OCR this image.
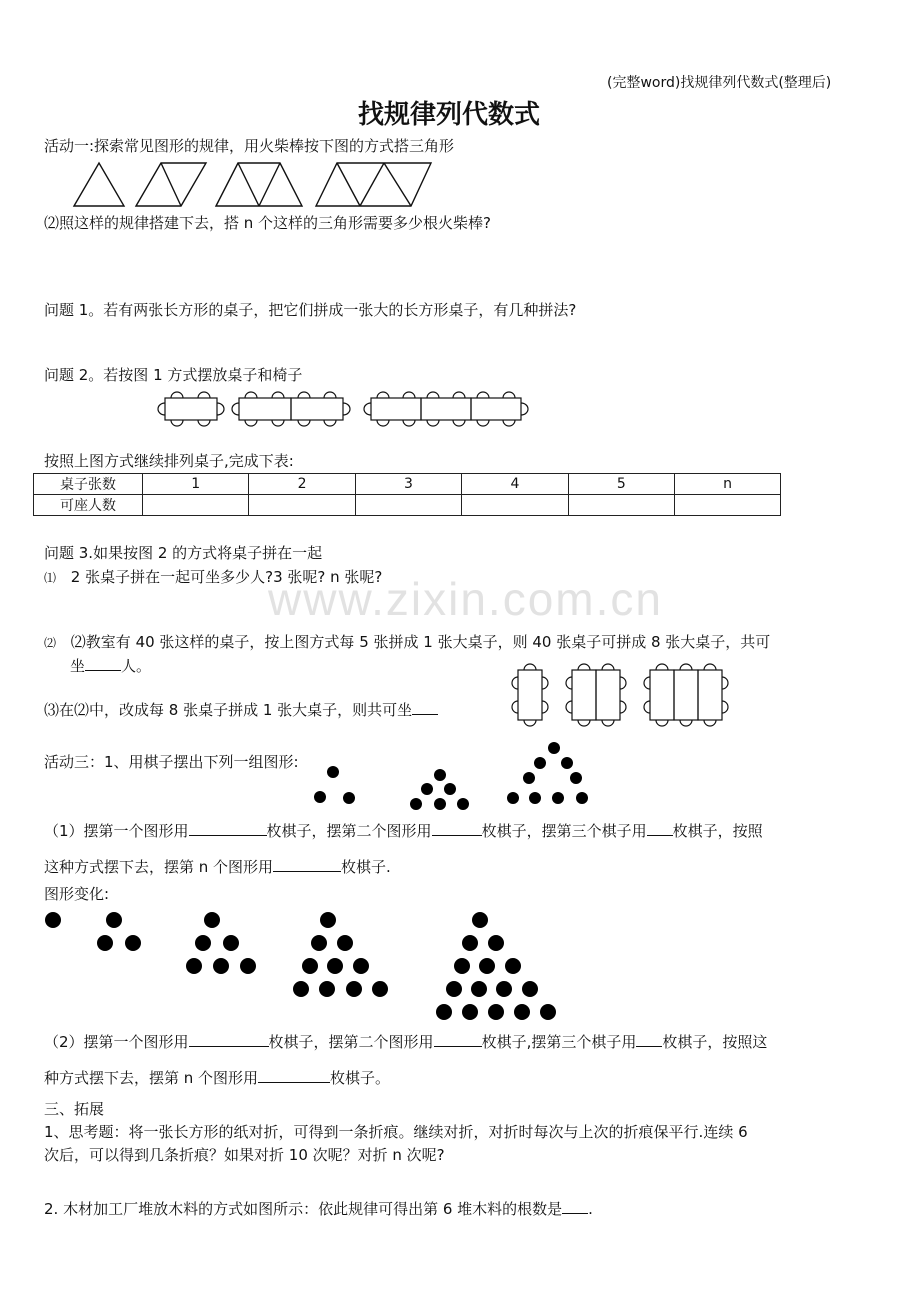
(完整word)找规律列代数式(整理后)
找规律列代数式
www.zixin.com.cn
活动一:探索常见图形的规律，用火柴棒按下图的方式搭三角形
⑵照这样的规律搭建下去，搭 n 个这样的三角形需要多少根火柴棒?
问题 1。若有两张长方形的桌子，把它们拼成一张大的长方形桌子，有几种拼法?
问题 2。若按图 1 方式摆放桌子和椅子
按照上图方式继续排列桌子,完成下表:
桌子张数	1	2	3	4	5	n
可座人数						
问题 3.如果按图 2 的方式将桌子拼在一起
⑴ 2 张桌子拼在一起可坐多少人?3 张呢? n 张呢?
⑵ ⑵教室有 40 张这样的桌子，按上图方式每 5 张拼成 1 张大桌子，则 40 张桌子可拼成 8 张大桌子，共可
坐 人。
⑶在⑵中，改成每 8 张桌子拼成 1 张大桌子，则共可坐
活动三：1、用棋子摆出下列一组图形:
（1）摆第一个图形用	枚棋子，摆第二个图形用	枚棋子，摆第三个棋子用 枚棋子，按照
这种方式摆下去，摆第 n 个图形用	枚棋子.
图形变化:
（2）摆第一个图形用	枚棋子，摆第二个图形用	枚棋子,摆第三个棋子用 枚棋子，按照这
种方式摆下去，摆第 n 个图形用	枚棋子。
三、拓展
1、思考题：将一张长方形的纸对折，可得到一条折痕。继续对折，对折时每次与上次的折痕保平行.连续 6
次后，可以得到几条折痕？如果对折 10 次呢？对折 n 次呢?
2. 木材加工厂堆放木料的方式如图所示：依此规律可得出第 6 堆木料的根数是 .
